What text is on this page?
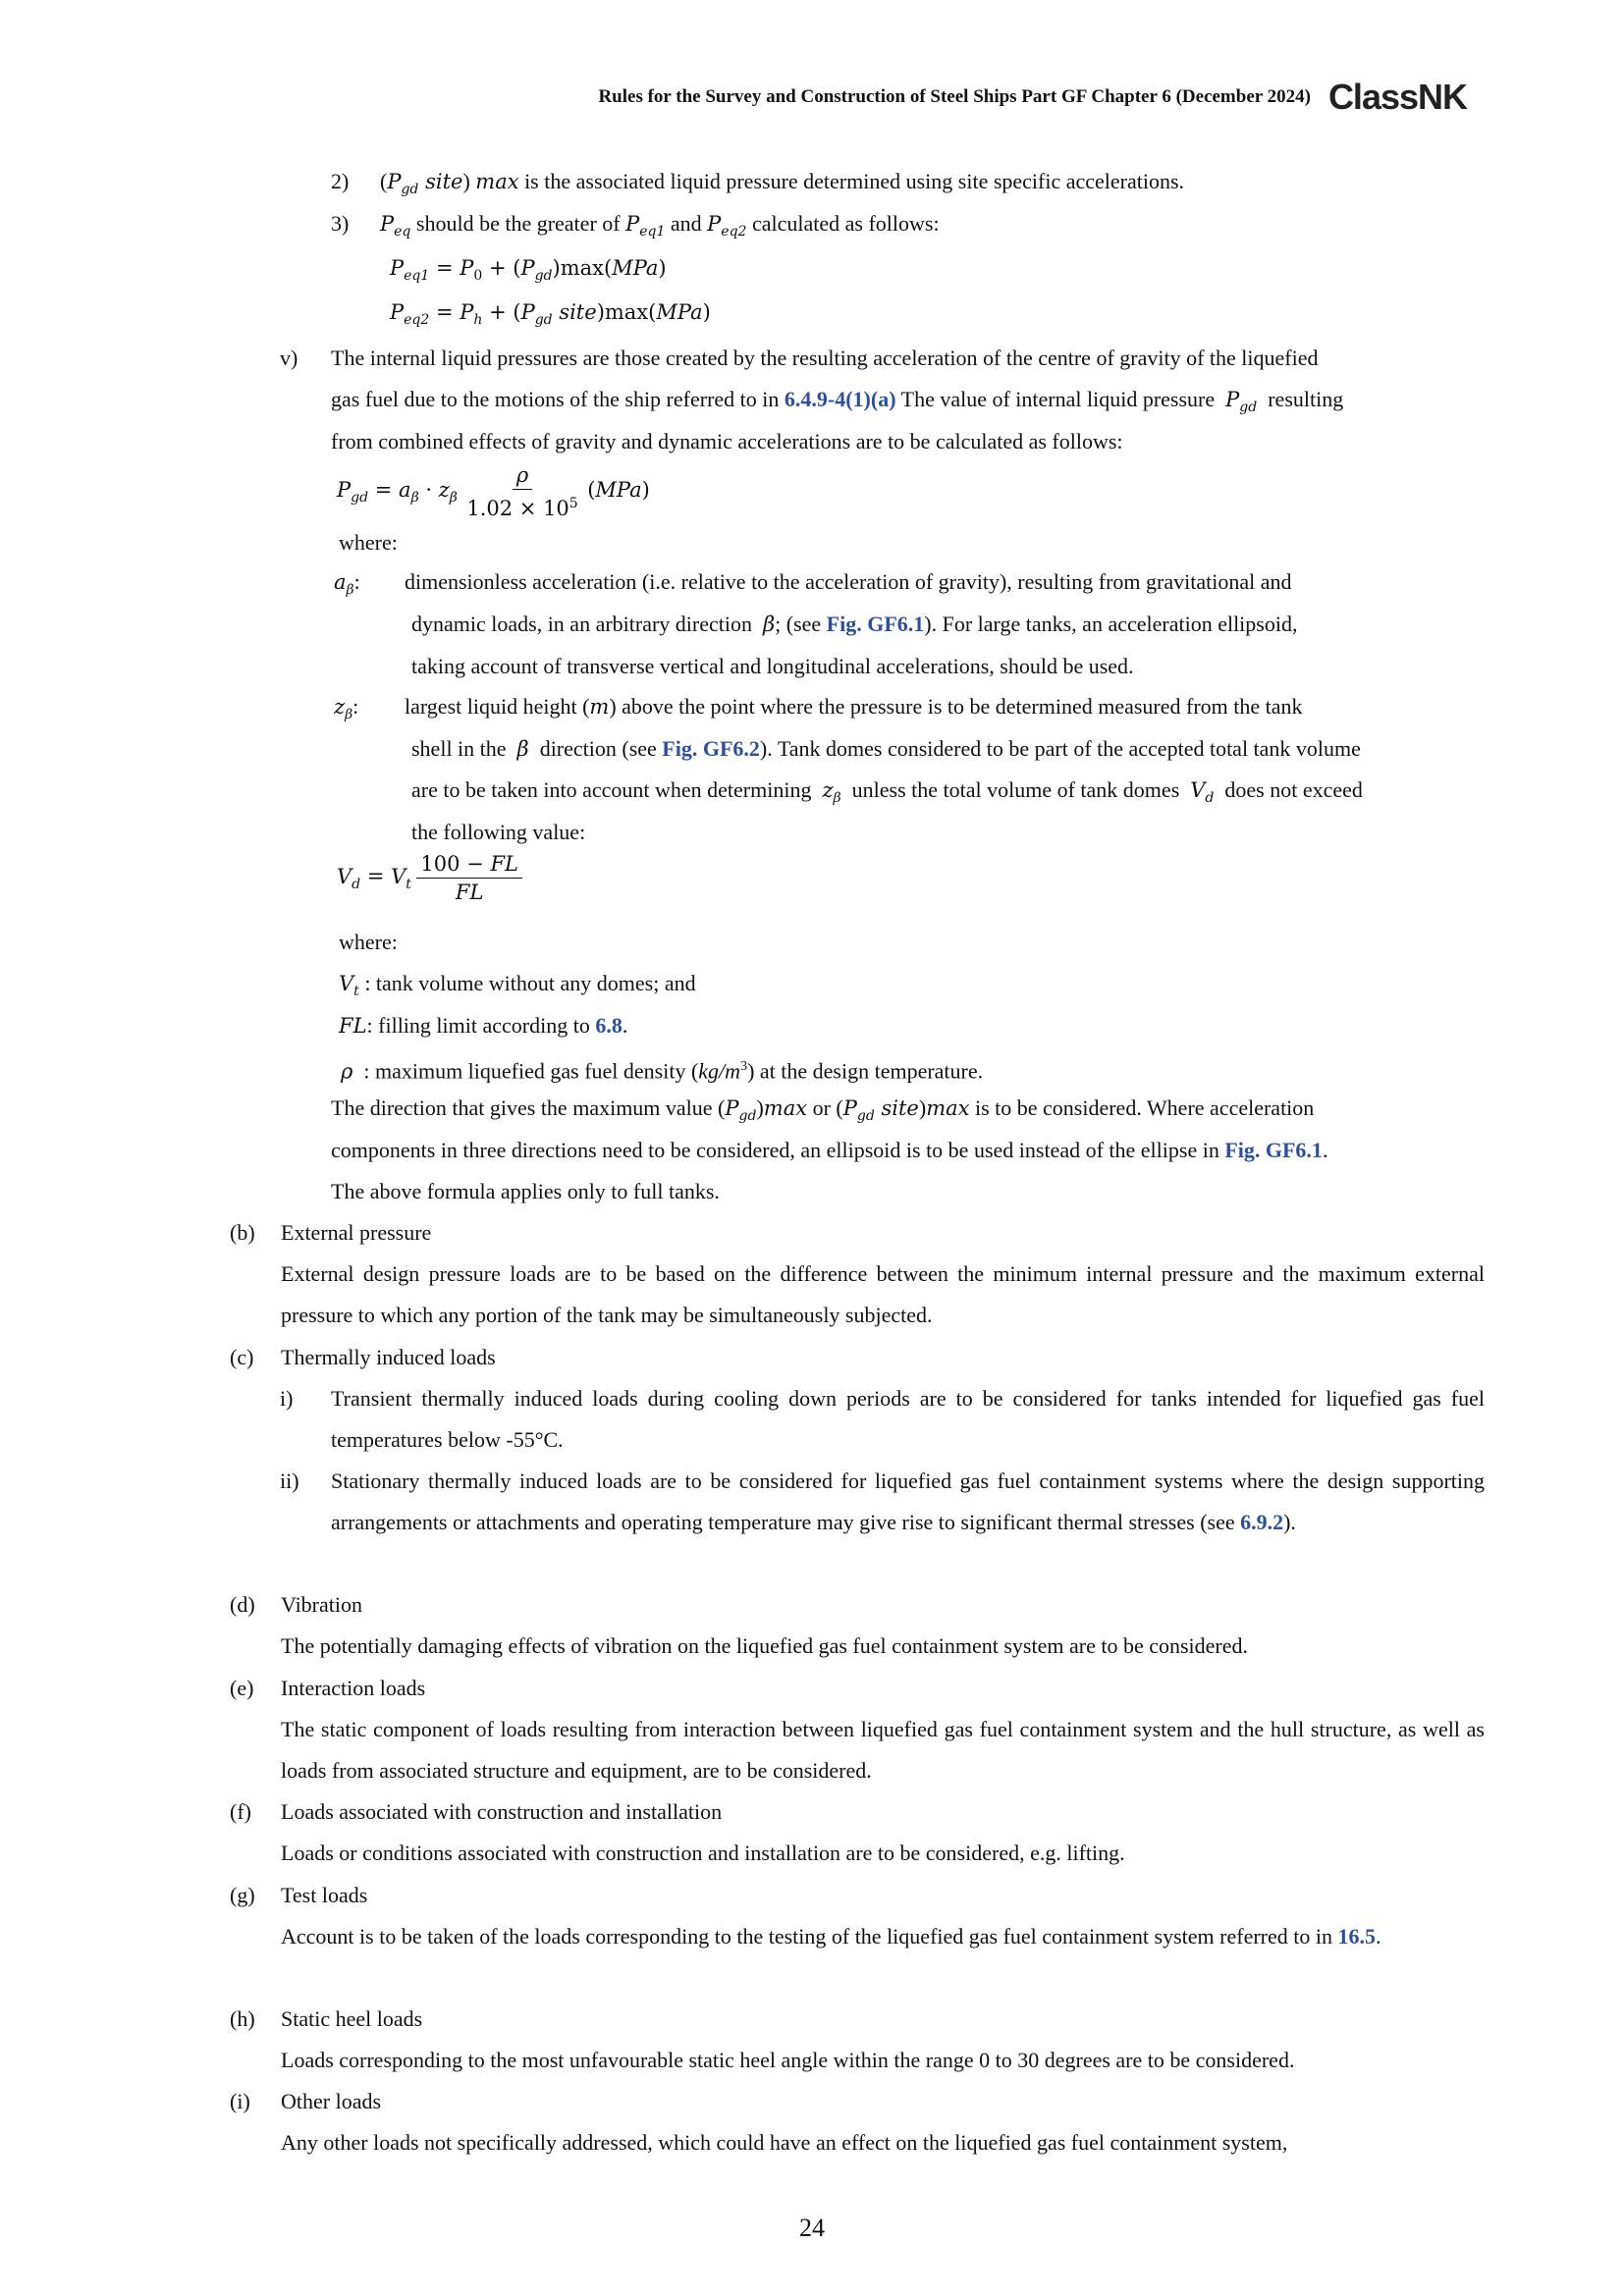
Rules for the Survey and Construction of Steel Ships Part GF Chapter 6 (December 2024) ClassNK
2) ($P_{gd}$ site) max is the associated liquid pressure determined using site specific accelerations.
3) $P_{eq}$ should be the greater of $P_{eq1}$ and $P_{eq2}$ calculated as follows:
$P_{eq1} = P_0 + (P_{gd})\max(MPa)$
$P_{eq2} = P_h + (P_{gd}$ site)max(MPa)
v) The internal liquid pressures are those created by the resulting acceleration of the centre of gravity of the liquefied
gas fuel due to the motions of the ship referred to in 6.4.9-4(1)(a) The value of internal liquid pressure $P_{gd}$ resulting
from combined effects of gravity and dynamic accelerations are to be calculated as follows:
$P_{gd} = a_\beta \cdot z_\beta \frac{\rho}{1.02 \times 10^5} (MPa)$
where:
$a_\beta$: dimensionless acceleration (i.e. relative to the acceleration of gravity), resulting from gravitational and
dynamic loads, in an arbitrary direction β; (see Fig. GF6.1). For large tanks, an acceleration ellipsoid,
taking account of transverse vertical and longitudinal accelerations, should be used.
$z_\beta$: largest liquid height (m) above the point where the pressure is to be determined measured from the tank
shell in the β direction (see Fig. GF6.2). Tank domes considered to be part of the accepted total tank volume
are to be taken into account when determining $z_\beta$ unless the total volume of tank domes $V_d$ does not exceed
the following value:
$V_d = V_t \frac{100 - FL}{FL}$
where:
$V_t$ : tank volume without any domes; and
FL: filling limit according to 6.8.
ρ : maximum liquefied gas fuel density $(kg/m^3)$ at the design temperature.
The direction that gives the maximum value $(P_{gd})\max$ or ($P_{gd}$ site)max is to be considered. Where acceleration
components in three directions need to be considered, an ellipsoid is to be used instead of the ellipse in Fig. GF6.1.
The above formula applies only to full tanks.
(b) External pressure
External design pressure loads are to be based on the difference between the minimum internal pressure and the maximum external pressure to which any portion of the tank may be simultaneously subjected.
(c) Thermally induced loads
i) Transient thermally induced loads during cooling down periods are to be considered for tanks intended for liquefied gas fuel temperatures below -55°C.
ii) Stationary thermally induced loads are to be considered for liquefied gas fuel containment systems where the design supporting arrangements or attachments and operating temperature may give rise to significant thermal stresses (see 6.9.2).
(d) Vibration
The potentially damaging effects of vibration on the liquefied gas fuel containment system are to be considered.
(e) Interaction loads
The static component of loads resulting from interaction between liquefied gas fuel containment system and the hull structure, as well as loads from associated structure and equipment, are to be considered.
(f) Loads associated with construction and installation
Loads or conditions associated with construction and installation are to be considered, e.g. lifting.
(g) Test loads
Account is to be taken of the loads corresponding to the testing of the liquefied gas fuel containment system referred to in 16.5.
(h) Static heel loads
Loads corresponding to the most unfavourable static heel angle within the range 0 to 30 degrees are to be considered.
(i) Other loads
Any other loads not specifically addressed, which could have an effect on the liquefied gas fuel containment system,
24
